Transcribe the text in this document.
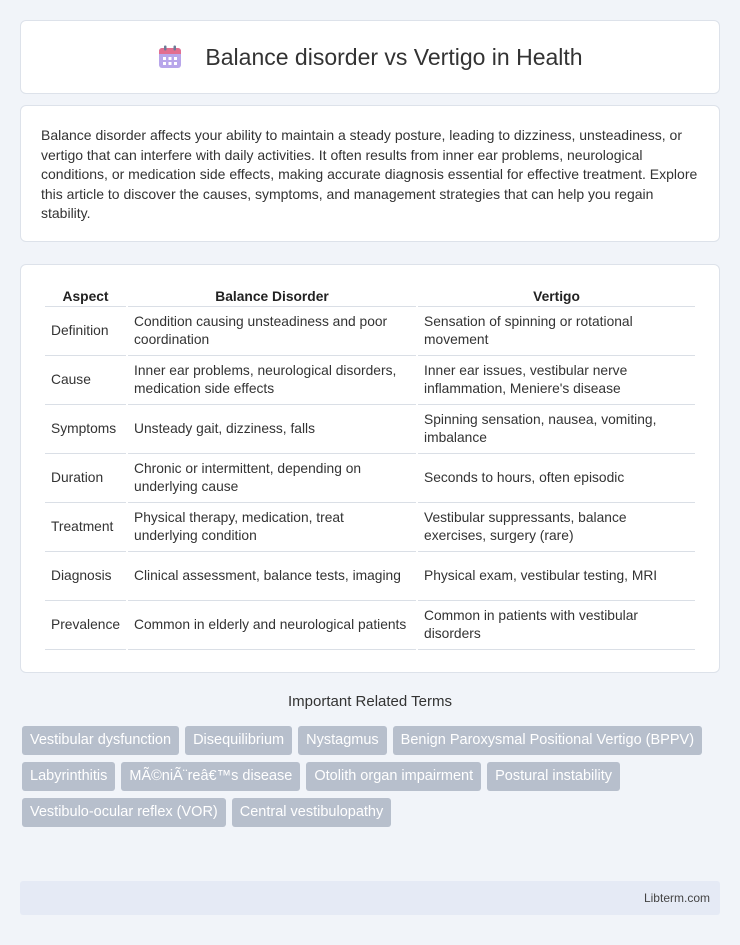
Balance disorder vs Vertigo in Health

Balance disorder affects your ability to maintain a steady posture, leading to dizziness, unsteadiness, or vertigo that can interfere with daily activities. It often results from inner ear problems, neurological conditions, or medication side effects, making accurate diagnosis essential for effective treatment. Explore this article to discover the causes, symptoms, and management strategies that can help you regain stability.

Aspect	Balance Disorder	Vertigo
Definition	Condition causing unsteadiness and poor coordination	Sensation of spinning or rotational movement
Cause	Inner ear problems, neurological disorders, medication side effects	Inner ear issues, vestibular nerve inflammation, Meniere's disease
Symptoms	Unsteady gait, dizziness, falls	Spinning sensation, nausea, vomiting, imbalance
Duration	Chronic or intermittent, depending on underlying cause	Seconds to hours, often episodic
Treatment	Physical therapy, medication, treat underlying condition	Vestibular suppressants, balance exercises, surgery (rare)
Diagnosis	Clinical assessment, balance tests, imaging	Physical exam, vestibular testing, MRI
Prevalence	Common in elderly and neurological patients	Common in patients with vestibular disorders
Important Related Terms
Vestibular dysfunction	Disequilibrium	Nystagmus	Benign Paroxysmal Positional Vertigo (BPPV)
Labyrinthitis	MÃ©niÃ¨reâ€™s disease	Otolith organ impairment	Postural instability
Vestibulo-ocular reflex (VOR)	Central vestibulopathy
Libterm.com
